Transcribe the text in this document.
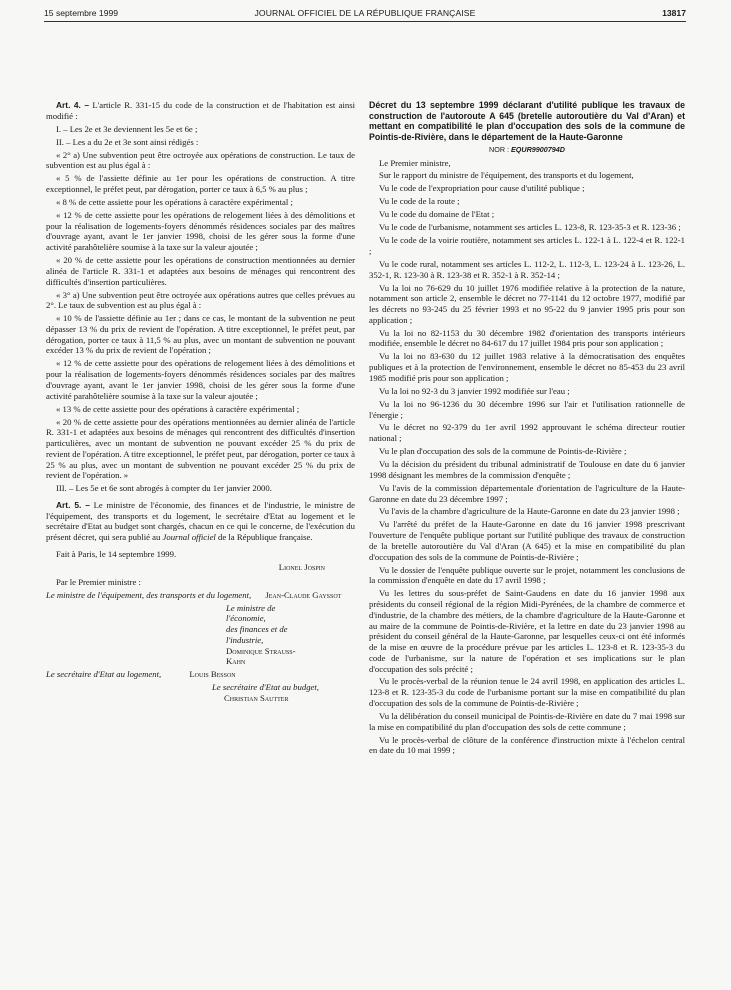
15 septembre 1999	JOURNAL OFFICIEL DE LA RÉPUBLIQUE FRANÇAISE	13817

Art. 4. – L'article R. 331-15 du code de la construction et de l'habitation est ainsi modifié :

I. – Les 2e et 3e deviennent les 5e et 6e ;

II. – Les a du 2e et 3e sont ainsi rédigés :

« 2° a) Une subvention peut être octroyée aux opérations de construction. Le taux de subvention est au plus égal à :

« 5 % de l'assiette définie au 1er pour les opérations de construction. A titre exceptionnel, le préfet peut, par dérogation, porter ce taux à 6,5 % au plus ;

« 8 % de cette assiette pour les opérations à caractère expérimental ;

« 12 % de cette assiette pour les opérations de relogement liées à des démolitions et pour la réalisation de logements-foyers dénommés résidences sociales par des maîtres d'ouvrage ayant, avant le 1er janvier 1998, choisi de les gérer sous la forme d'une activité parahôtelière soumise à la taxe sur la valeur ajoutée ;

« 20 % de cette assiette pour les opérations de construction mentionnées au dernier alinéa de l'article R. 331-1 et adaptées aux besoins de ménages qui rencontrent des difficultés d'insertion particulières.

« 3° a) Une subvention peut être octroyée aux opérations autres que celles prévues au 2°. Le taux de subvention est au plus égal à :

« 10 % de l'assiette définie au 1er ; dans ce cas, le montant de la subvention ne peut dépasser 13 % du prix de revient de l'opération. A titre exceptionnel, le préfet peut, par dérogation, porter ce taux à 11,5 % au plus, avec un montant de subvention ne pouvant excéder 13 % du prix de revient de l'opération ;

« 12 % de cette assiette pour des opérations de relogement liées à des démolitions et pour la réalisation de logements-foyers dénommés résidences sociales par des maîtres d'ouvrage ayant, avant le 1er janvier 1998, choisi de les gérer sous la forme d'une activité parahôtelière soumise à la taxe sur la valeur ajoutée ;

« 13 % de cette assiette pour des opérations à caractère expérimental ;

« 20 % de cette assiette pour des opérations mentionnées au dernier alinéa de l'article R. 331-1 et adaptées aux besoins de ménages qui rencontrent des difficultés d'insertion particulières, avec un montant de subvention ne pouvant excéder 25 % du prix de revient de l'opération. A titre exceptionnel, le préfet peut, par dérogation, porter ce taux à 25 % au plus, avec un montant de subvention ne pouvant excéder 25 % du prix de revient de l'opération. »

III. – Les 5e et 6e sont abrogés à compter du 1er janvier 2000.

Art. 5. – Le ministre de l'économie, des finances et de l'industrie, le ministre de l'équipement, des transports et du logement, le secrétaire d'Etat au logement et le secrétaire d'Etat au budget sont chargés, chacun en ce qui le concerne, de l'exécution du présent décret, qui sera publié au Journal officiel de la République française.

Fait à Paris, le 14 septembre 1999.

Lionel Jospin

Par le Premier ministre :

Le ministre de l'équipement, des transports et du logement, Jean-Claude Gayssot

Le ministre de l'économie,
des finances et de l'industrie,
Dominique Strauss-Kahn

Le secrétaire d'Etat au logement,	Louis Besson

Le secrétaire d'Etat au budget,
Christian Sautter

Décret du 13 septembre 1999 déclarant d'utilité publique les travaux de construction de l'autoroute A 645 (bretelle autoroutière du Val d'Aran) et mettant en compatibilité le plan d'occupation des sols de la commune de Pointis-de-Rivière, dans le département de la Haute-Garonne

NOR : EQUR9900794D

Le Premier ministre,

Sur le rapport du ministre de l'équipement, des transports et du logement,

Vu le code de l'expropriation pour cause d'utilité publique ;

Vu le code de la route ;

Vu le code du domaine de l'Etat ;

Vu le code de l'urbanisme, notamment ses articles L. 123-8, R. 123-35-3 et R. 123-36 ;

Vu le code de la voirie routière, notamment ses articles L. 122-1 à L. 122-4 et R. 122-1 ;

Vu le code rural, notamment ses articles L. 112-2, L. 112-3, L. 123-24 à L. 123-26, L. 352-1, R. 123-30 à R. 123-38 et R. 352-1 à R. 352-14 ;

Vu la loi no 76-629 du 10 juillet 1976 modifiée relative à la protection de la nature, notamment son article 2, ensemble le décret no 77-1141 du 12 octobre 1977, modifié par les décrets no 93-245 du 25 février 1993 et no 95-22 du 9 janvier 1995 pris pour son application ;

Vu la loi no 82-1153 du 30 décembre 1982 d'orientation des transports intérieurs modifiée, ensemble le décret no 84-617 du 17 juillet 1984 pris pour son application ;

Vu la loi no 83-630 du 12 juillet 1983 relative à la démocratisation des enquêtes publiques et à la protection de l'environnement, ensemble le décret no 85-453 du 23 avril 1985 modifié pris pour son application ;

Vu la loi no 92-3 du 3 janvier 1992 modifiée sur l'eau ;

Vu la loi no 96-1236 du 30 décembre 1996 sur l'air et l'utilisation rationnelle de l'énergie ;

Vu le décret no 92-379 du 1er avril 1992 approuvant le schéma directeur routier national ;

Vu le plan d'occupation des sols de la commune de Pointis-de-Rivière ;

Vu la décision du président du tribunal administratif de Toulouse en date du 6 janvier 1998 désignant les membres de la commission d'enquête ;

Vu l'avis de la commission départementale d'orientation de l'agriculture de la Haute-Garonne en date du 23 décembre 1997 ;

Vu l'avis de la chambre d'agriculture de la Haute-Garonne en date du 23 janvier 1998 ;

Vu l'arrêté du préfet de la Haute-Garonne en date du 16 janvier 1998 prescrivant l'ouverture de l'enquête publique portant sur l'utilité publique des travaux de construction de la bretelle autoroutière du Val d'Aran (A 645) et la mise en compatibilité du plan d'occupation des sols de la commune de Pointis-de-Rivière ;

Vu le dossier de l'enquête publique ouverte sur le projet, notamment les conclusions de la commission d'enquête en date du 17 avril 1998 ;

Vu les lettres du sous-préfet de Saint-Gaudens en date du 16 janvier 1998 aux présidents du conseil régional de la région Midi-Pyrénées, de la chambre de commerce et d'industrie, de la chambre des métiers, de la chambre d'agriculture de la Haute-Garonne et au maire de la commune de Pointis-de-Rivière, et la lettre en date du 23 janvier 1998 au président du conseil général de la Haute-Garonne, par lesquelles ceux-ci ont été informés de la mise en œuvre de la procédure prévue par les articles L. 123-8 et R. 123-35-3 du code de l'urbanisme, sur la nature de l'opération et ses implications sur le plan d'occupation des sols précité ;

Vu le procès-verbal de la réunion tenue le 24 avril 1998, en application des articles L. 123-8 et R. 123-35-3 du code de l'urbanisme portant sur la mise en compatibilité du plan d'occupation des sols de la commune de Pointis-de-Rivière ;

Vu la délibération du conseil municipal de Pointis-de-Rivière en date du 7 mai 1998 sur la mise en compatibilité du plan d'occupation des sols de cette commune ;

Vu le procès-verbal de clôture de la conférence d'instruction mixte à l'échelon central en date du 10 mai 1999 ;
